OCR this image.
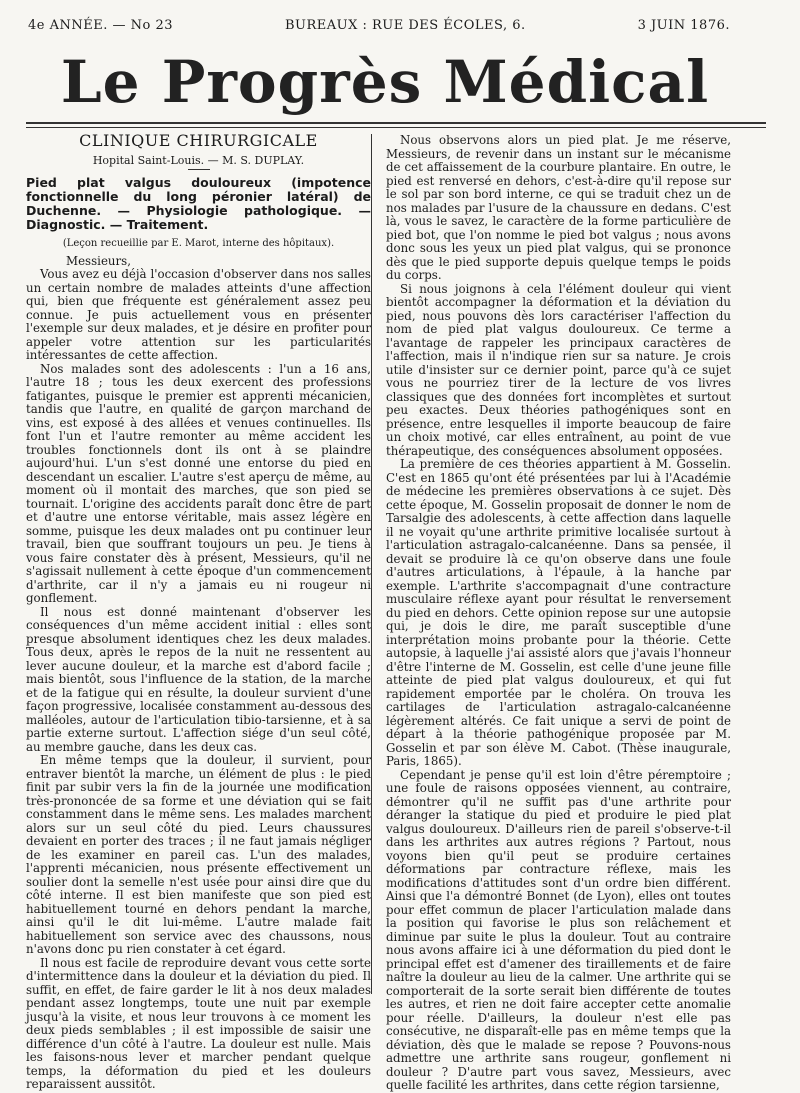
4e ANNÉE. — No 23	BUREAUX : RUE DES ÉCOLES, 6.	3 JUIN 1876.
Le Progrès Médical
CLINIQUE CHIRURGICALE
Hopital Saint-Louis. — M. S. DUPLAY.
Pied plat valgus douloureux (impotence fonctionnelle du long péronier latéral) de Duchenne. — Physiologie pathologique. — Diagnostic. — Traitement.
(Leçon recueillie par E. Marot, interne des hôpitaux).

Messieurs,

Vous avez eu déjà l'occasion d'observer dans nos salles un certain nombre de malades atteints d'une affection qui, bien que fréquente est généralement assez peu connue. Je puis actuellement vous en présenter l'exemple sur deux malades, et je désire en profiter pour appeler votre attention sur les particularités intéressantes de cette affection.

Nos malades sont des adolescents : l'un a 16 ans, l'autre 18 ; tous les deux exercent des professions fatigantes, puisque le premier est apprenti mécanicien, tandis que l'autre, en qualité de garçon marchand de vins, est exposé à des allées et venues continuelles. Ils font l'un et l'autre remonter au même accident les troubles fonctionnels dont ils ont à se plaindre aujourd'hui. L'un s'est donné une entorse du pied en descendant un escalier. L'autre s'est aperçu de même, au moment où il montait des marches, que son pied se tournait. L'origine des accidents paraît donc être de part et d'autre une entorse véritable, mais assez légère en somme, puisque les deux malades ont pu continuer leur travail, bien que souffrant toujours un peu. Je tiens à vous faire constater dès à présent, Messieurs, qu'il ne s'agissait nullement à cette époque d'un commencement d'arthrite, car il n'y a jamais eu ni rougeur ni gonflement.

Il nous est donné maintenant d'observer les conséquences d'un même accident initial : elles sont presque absolument identiques chez les deux malades. Tous deux, après le repos de la nuit ne ressentent au lever aucune douleur, et la marche est d'abord facile ; mais bientôt, sous l'influence de la station, de la marche et de la fatigue qui en résulte, la douleur survient d'une façon progressive, localisée constamment au-dessous des malléoles, autour de l'articulation tibio-tarsienne, et à sa partie externe surtout. L'affection siége d'un seul côté, au membre gauche, dans les deux cas.

En même temps que la douleur, il survient, pour entraver bientôt la marche, un élément de plus : le pied finit par subir vers la fin de la journée une modification très-prononcée de sa forme et une déviation qui se fait constamment dans le même sens. Les malades marchent alors sur un seul côté du pied. Leurs chaussures devaient en porter des traces ; il ne faut jamais négliger de les examiner en pareil cas. L'un des malades, l'apprenti mécanicien, nous présente effectivement un soulier dont la semelle n'est usée pour ainsi dire que du côté interne. Il est bien manifeste que son pied est habituellement tourné en dehors pendant la marche, ainsi qu'il le dit lui-même. L'autre malade fait habituellement son service avec des chaussons, nous n'avons donc pu rien constater à cet égard.

Il nous est facile de reproduire devant vous cette sorte d'intermittence dans la douleur et la déviation du pied. Il suffit, en effet, de faire garder le lit à nos deux malades pendant assez longtemps, toute une nuit par exemple jusqu'à la visite, et nous leur trouvons à ce moment les deux pieds semblables ; il est impossible de saisir une différence d'un côté à l'autre. La douleur est nulle. Mais les faisons-nous lever et marcher pendant quelque temps, la déformation du pied et les douleurs reparaissent aussitôt.

Nous observons alors un pied plat. Je me réserve, Messieurs, de revenir dans un instant sur le mécanisme de cet affaissement de la courbure plantaire. En outre, le pied est renversé en dehors, c'est-à-dire qu'il repose sur le sol par son bord interne, ce qui se traduit chez un de nos malades par l'usure de la chaussure en dedans. C'est là, vous le savez, le caractère de la forme particulière de pied bot, que l'on nomme le pied bot valgus ; nous avons donc sous les yeux un pied plat valgus, qui se prononce dès que le pied supporte depuis quelque temps le poids du corps.

Si nous joignons à cela l'élément douleur qui vient bientôt accompagner la déformation et la déviation du pied, nous pouvons dès lors caractériser l'affection du nom de pied plat valgus douloureux. Ce terme a l'avantage de rappeler les principaux caractères de l'affection, mais il n'indique rien sur sa nature. Je crois utile d'insister sur ce dernier point, parce qu'à ce sujet vous ne pourriez tirer de la lecture de vos livres classiques que des données fort incomplètes et surtout peu exactes. Deux théories pathogéniques sont en présence, entre lesquelles il importe beaucoup de faire un choix motivé, car elles entraînent, au point de vue thérapeutique, des conséquences absolument opposées.

La première de ces théories appartient à M. Gosselin. C'est en 1865 qu'ont été présentées par lui à l'Académie de médecine les premières observations à ce sujet. Dès cette époque, M. Gosselin proposait de donner le nom de Tarsalgie des adolescents, à cette affection dans laquelle il ne voyait qu'une arthrite primitive localisée surtout à l'articulation astragalo-calcanéenne. Dans sa pensée, il devait se produire là ce qu'on observe dans une foule d'autres articulations, à l'épaule, à la hanche par exemple. L'arthrite s'accompagnait d'une contracture musculaire réflexe ayant pour résultat le renversement du pied en dehors. Cette opinion repose sur une autopsie qui, je dois le dire, me paraît susceptible d'une interprétation moins probante pour la théorie. Cette autopsie, à laquelle j'ai assisté alors que j'avais l'honneur d'être l'interne de M. Gosselin, est celle d'une jeune fille atteinte de pied plat valgus douloureux, et qui fut rapidement emportée par le choléra. On trouva les cartilages de l'articulation astragalo-calcanéenne légèrement altérés. Ce fait unique a servi de point de départ à la théorie pathogénique proposée par M. Gosselin et par son élève M. Cabot. (Thèse inaugurale, Paris, 1865).

Cependant je pense qu'il est loin d'être péremptoire ; une foule de raisons opposées viennent, au contraire, démontrer qu'il ne suffit pas d'une arthrite pour déranger la statique du pied et produire le pied plat valgus douloureux. D'ailleurs rien de pareil s'observe-t-il dans les arthrites aux autres régions ? Partout, nous voyons bien qu'il peut se produire certaines déformations par contracture réflexe, mais les modifications d'attitudes sont d'un ordre bien différent. Ainsi que l'a démontré Bonnet (de Lyon), elles ont toutes pour effet commun de placer l'articulation malade dans la position qui favorise le plus son relâchement et diminue par suite le plus la douleur. Tout au contraire nous avons affaire ici à une déformation du pied dont le principal effet est d'amener des tiraillements et de faire naître la douleur au lieu de la calmer. Une arthrite qui se comporterait de la sorte serait bien différente de toutes les autres, et rien ne doit faire accepter cette anomalie pour réelle. D'ailleurs, la douleur n'est elle pas consécutive, ne disparaît-elle pas en même temps que la déviation, dès que le malade se repose ? Pouvons-nous admettre une arthrite sans rougeur, gonflement ni douleur ? D'autre part vous savez, Messieurs, avec quelle facilité les arthrites, dans cette région tarsienne,
